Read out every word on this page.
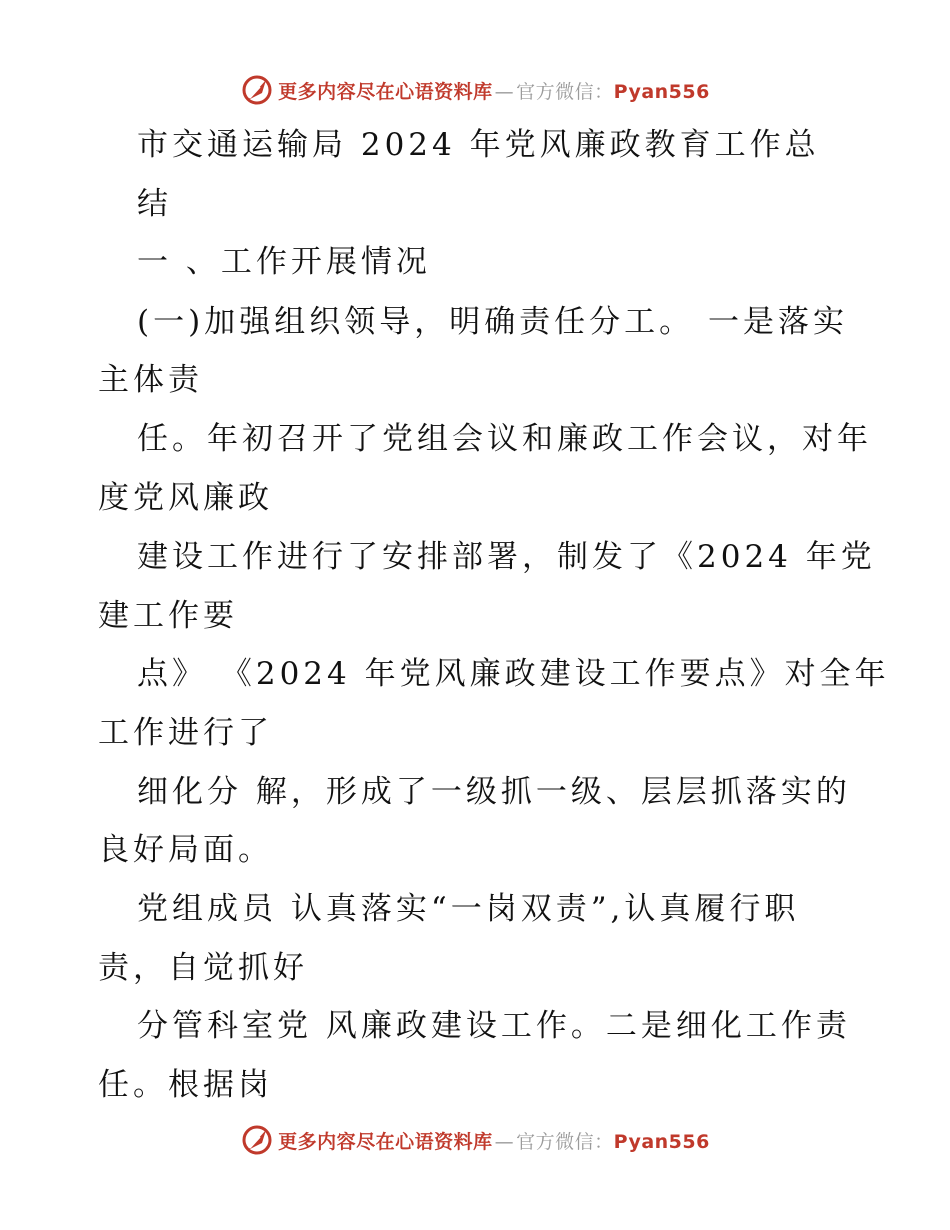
更多内容尽在心语资料库 — 官方微信： Pyan556
市交通运输局 2024 年党风廉政教育工作总
结
一 、工作开展情况
(一)加强组织领导，明确责任分工。 一是落实
主体责
任。年初召开了党组会议和廉政工作会议，对年
度党风廉政
建设工作进行了安排部署，制发了《2024 年党
建工作要
点》 《2024 年党风廉政建设工作要点》对全年
工作进行了
细化分 解，形成了一级抓一级、层层抓落实的
良好局面。
党组成员 认真落实“一岗双责”,认真履行职
责，自觉抓好
分管科室党 风廉政建设工作。二是细化工作责
任。根据岗
更多内容尽在心语资料库 — 官方微信： Pyan556
